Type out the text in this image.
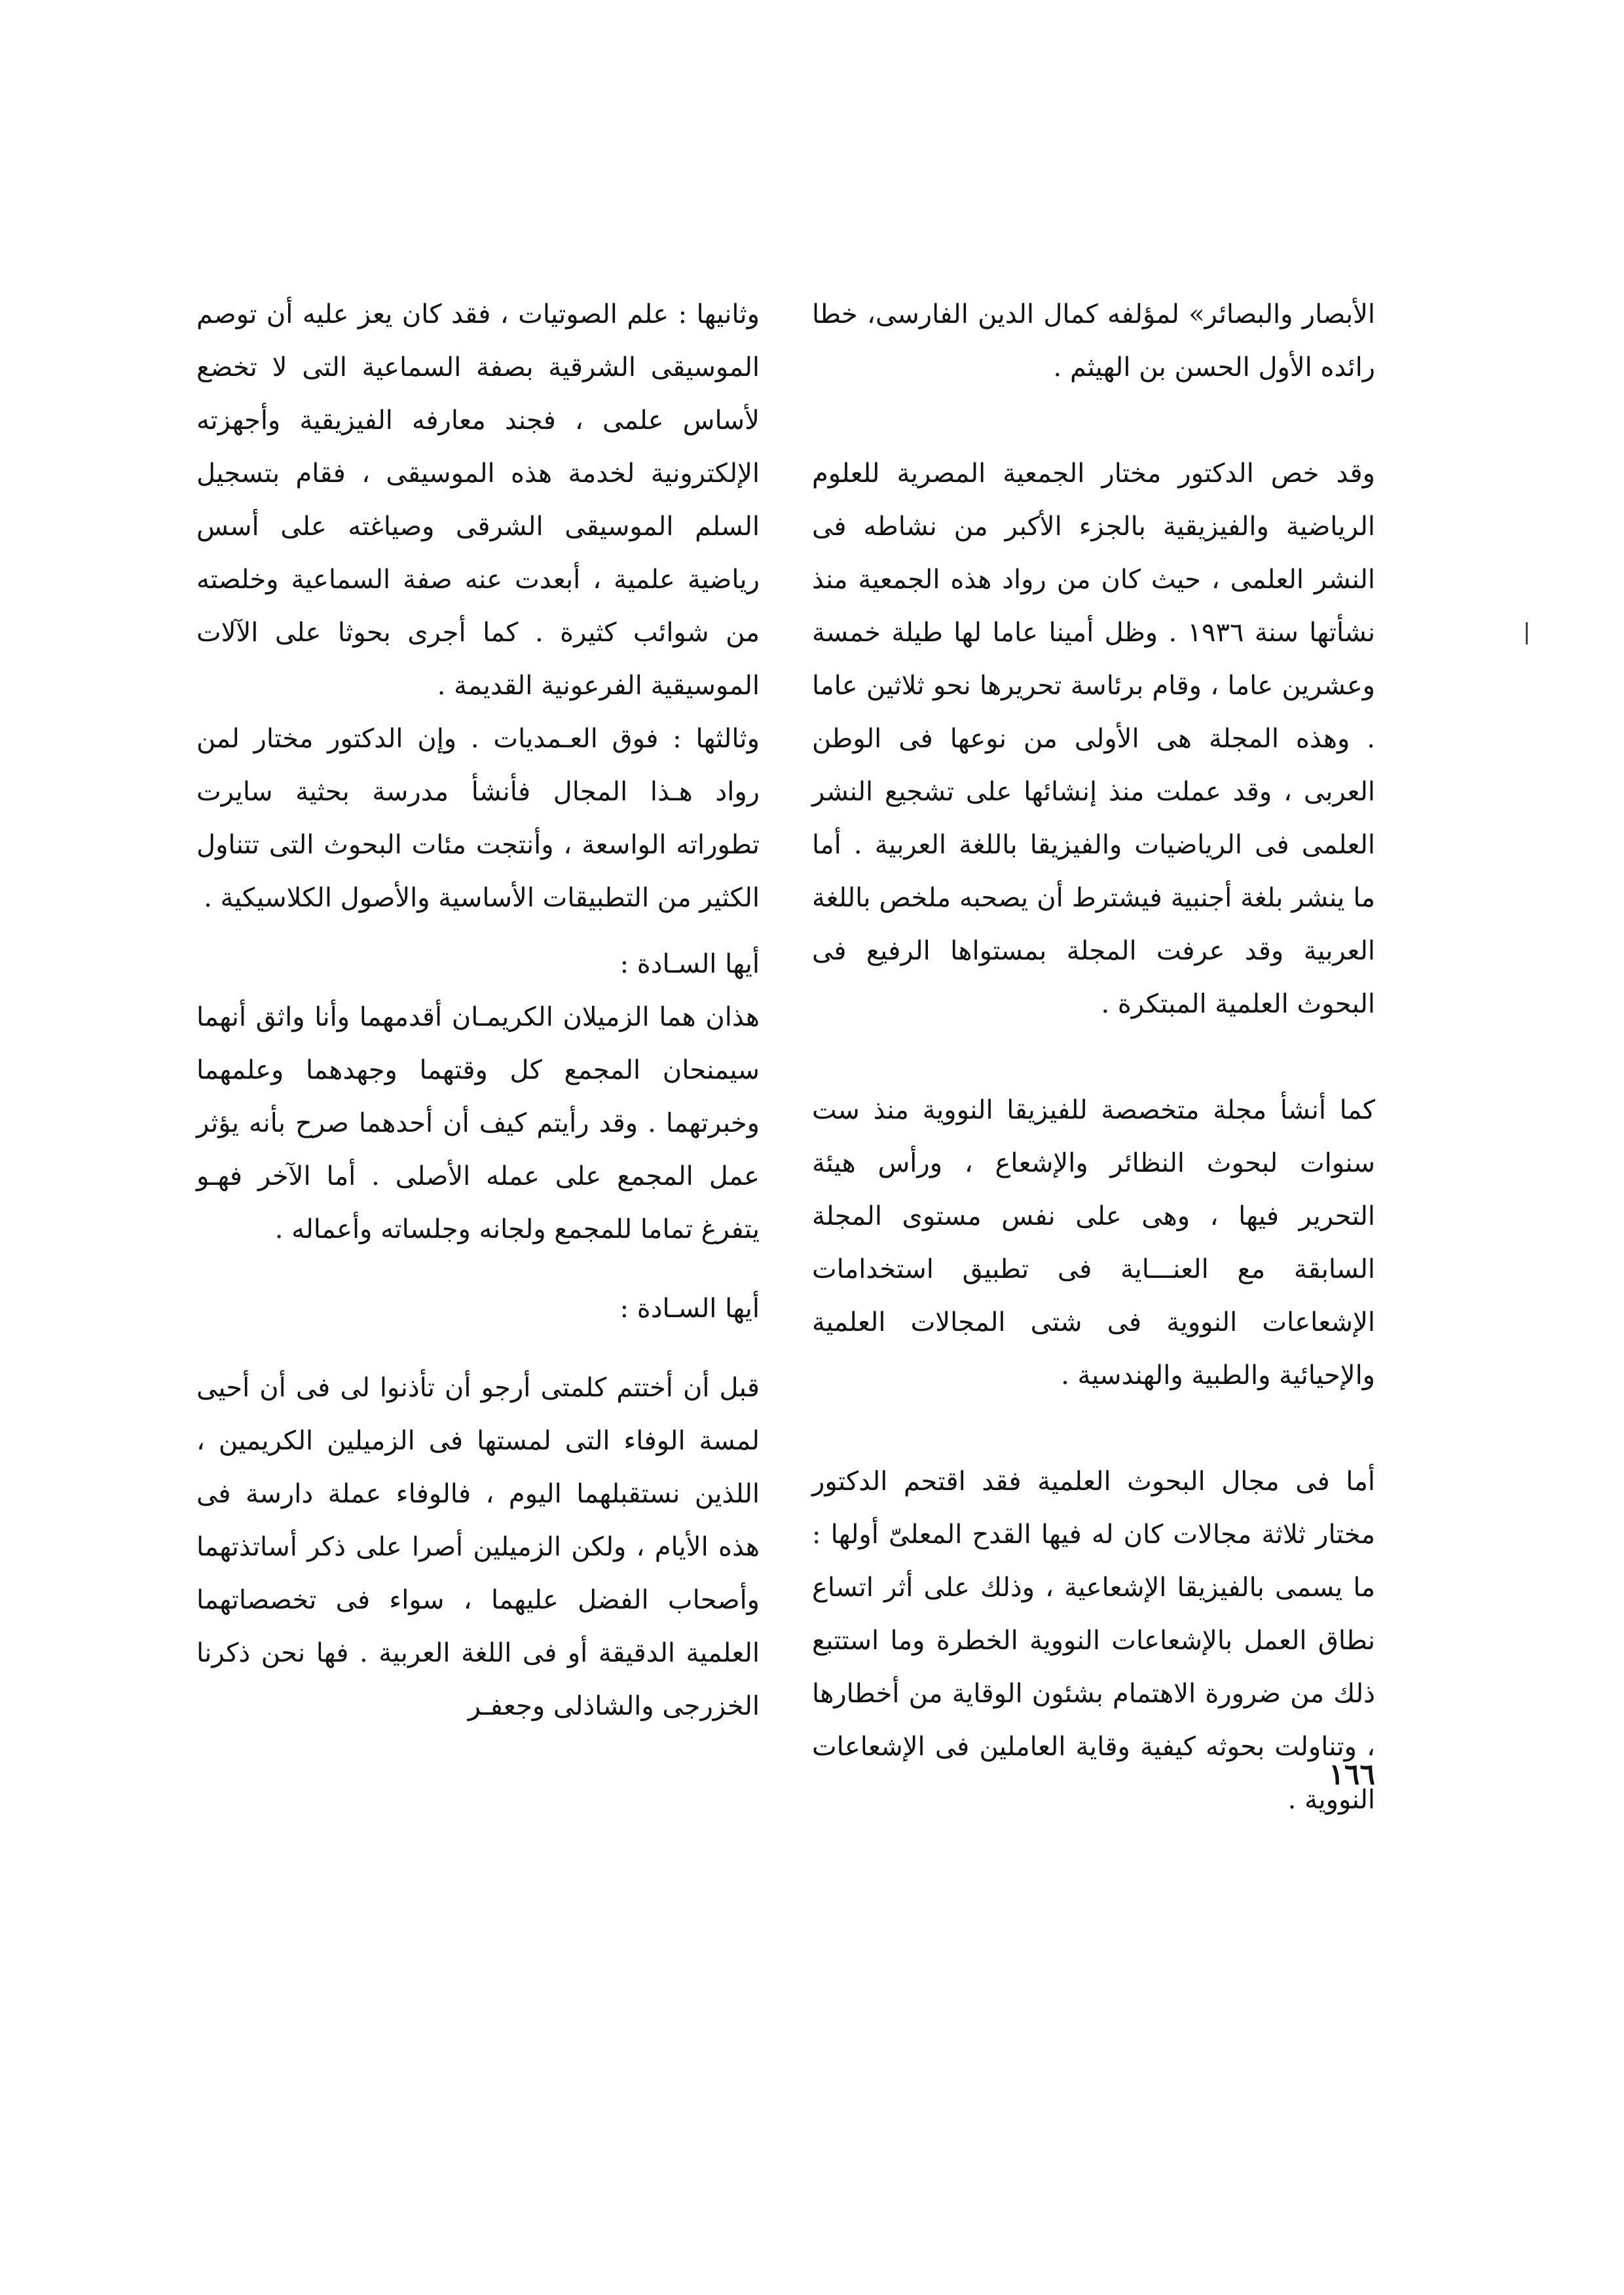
الأبصار والبصائر» لمؤلفه كمال الدين الفارسى، خطا رائده الأول الحسن بن الهيثم .

وقد خص الدكتور مختار الجمعية المصرية للعلوم الرياضية والفيزيقية بالجزء الأكبر من نشاطه فى النشر العلمى ، حيث كان من رواد هذه الجمعية منذ نشأتها سنة ١٩٣٦ . وظل أمينا عاما لها طيلة خمسة وعشرين عاما ، وقام برئاسة تحريرها نحو ثلاثين عاما . وهذه المجلة هى الأولى من نوعها فى الوطن العربى ، وقد عملت منذ إنشائها على تشجيع النشر العلمى فى الرياضيات والفيزيقا باللغة العربية . أما ما ينشر بلغة أجنبية فيشترط أن يصحبه ملخص باللغة العربية وقد عرفت المجلة بمستواها الرفيع فى البحوث العلمية المبتكرة .

كما أنشأ مجلة متخصصة للفيزيقا النووية منذ ست سنوات لبحوث النظائر والإشعاع ، ورأس هيئة التحرير فيها ، وهى على نفس مستوى المجلة السابقة مع العنـــاية فى تطبيق استخدامات الإشعاعات النووية فى شتى المجالات العلمية والإحيائية والطبية والهندسية .

أما فى مجال البحوث العلمية فقد اقتحم الدكتور مختار ثلاثة مجالات كان له فيها القدح المعلىّ أولها : ما يسمى بالفيزيقا الإشعاعية ، وذلك على أثر اتساع نطاق العمل بالإشعاعات النووية الخطرة وما استتبع ذلك من ضرورة الاهتمام بشئون الوقاية من أخطارها ، وتناولت بحوثه كيفية وقاية العاملين فى الإشعاعات النووية .

وثانيها : علم الصوتيات ، فقد كان يعز عليه أن توصم الموسيقى الشرقية بصفة السماعية التى لا تخضع لأساس علمى ، فجند معارفه الفيزيقية وأجهزته الإلكترونية لخدمة هذه الموسيقى ، فقام بتسجيل السلم الموسيقى الشرقى وصياغته على أسس رياضية علمية ، أبعدت عنه صفة السماعية وخلصته من شوائب كثيرة . كما أجرى بحوثا على الآلات الموسيقية الفرعونية القديمة .

وثالثها : فوق العـمديات . وإن الدكتور مختار لمن رواد هـذا المجال فأنشأ مدرسة بحثية سايرت تطوراته الواسعة ، وأنتجت مئات البحوث التى تتناول الكثير من التطبيقات الأساسية والأصول الكلاسيكية .

أيها السـادة :

هذان هما الزميلان الكريمـان أقدمهما وأنا واثق أنهما سيمنحان المجمع كل وقتهما وجهدهما وعلمهما وخبرتهما . وقد رأيتم كيف أن أحدهما صرح بأنه يؤثر عمل المجمع على عمله الأصلى . أما الآخر فهـو يتفرغ تماما للمجمع ولجانه وجلساته وأعماله .

أيها السـادة :

قبل أن أختتم كلمتى أرجو أن تأذنوا لى فى أن أحيى لمسة الوفاء التى لمستها فى الزميلين الكريمين ، اللذين نستقبلهما اليوم ، فالوفاء عملة دارسة فى هذه الأيام ، ولكن الزميلين أصرا على ذكر أساتذتهما وأصحاب الفضل عليهما ، سواء فى تخصصاتهما العلمية الدقيقة أو فى اللغة العربية . فها نحن ذكرنا الخزرجى والشاذلى وجعفـر

١٦٦
